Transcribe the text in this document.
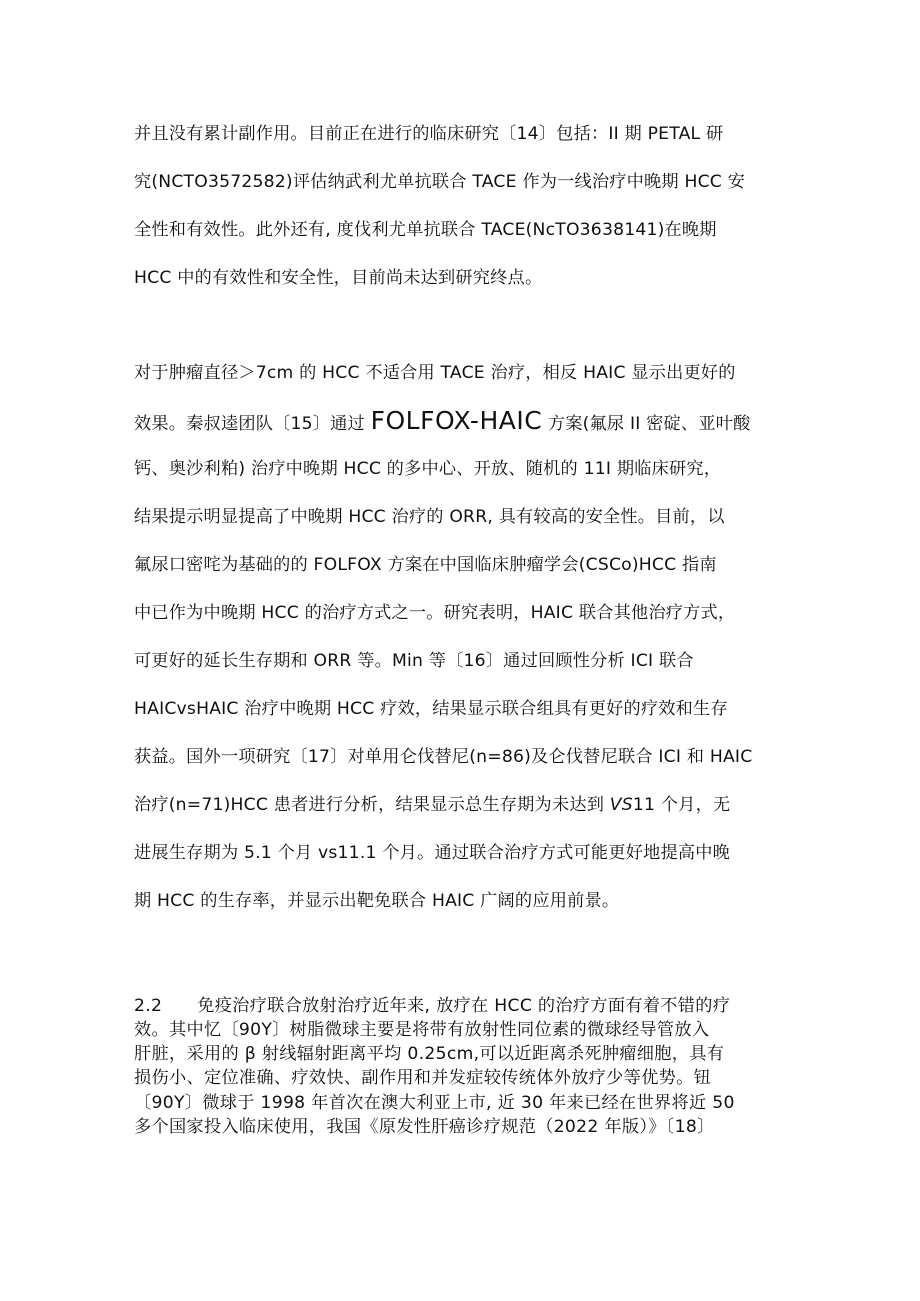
并且没有累计副作用。目前正在进行的临床研究〔14〕包括：II 期 PETAL 研
究(NCTO3572582)评估纳武利尤单抗联合 TACE 作为一线治疗中晚期 HCC 安
全性和有效性。此外还有, 度伐利尤单抗联合 TACE(NcTO3638141)在晚期
HCC 中的有效性和安全性，目前尚未达到研究终点。
对于肿瘤直径＞7cm 的 HCC 不适合用 TACE 治疗，相反 HAIC 显示出更好的
效果。秦叔逵团队〔15〕通过 FOLFOX-HAIC 方案(氟尿 II 密碇、亚叶酸
钙、奥沙利粕) 治疗中晚期 HCC 的多中心、开放、随机的 11I 期临床研究，
结果提示明显提高了中晚期 HCC 治疗的 ORR, 具有较高的安全性。目前，以
氟尿口密咤为基础的的 FOLFOX 方案在中国临床肿瘤学会(CSCo)HCC 指南
中已作为中晚期 HCC 的治疗方式之一。研究表明，HAIC 联合其他治疗方式，
可更好的延长生存期和 ORR 等。Min 等〔16〕通过回顾性分析 ICI 联合
HAICvsHAIC 治疗中晚期 HCC 疗效，结果显示联合组具有更好的疗效和生存
获益。国外一项研究〔17〕对单用仑伐替尼(n=86)及仑伐替尼联合 ICI 和 HAIC
治疗(n=71)HCC 患者进行分析，结果显示总生存期为未达到 VS11 个月，无
进展生存期为 5.1 个月 vs11.1 个月。通过联合治疗方式可能更好地提高中晚
期 HCC 的生存率，并显示出靶免联合 HAIC 广阔的应用前景。
2.2　　免疫治疗联合放射治疗近年来, 放疗在 HCC 的治疗方面有着不错的疗
效。其中忆〔90Y〕树脂微球主要是将带有放射性同位素的微球经导管放入
肝脏，采用的 β 射线辐射距离平均 0.25cm,可以近距离杀死肿瘤细胞，具有
损伤小、定位准确、疗效快、副作用和并发症较传统体外放疗少等优势。钮
〔90Y〕微球于 1998 年首次在澳大利亚上市, 近 30 年来已经在世界将近 50
多个国家投入临床使用，我国《原发性肝癌诊疗规范（2022 年版）》〔18〕
